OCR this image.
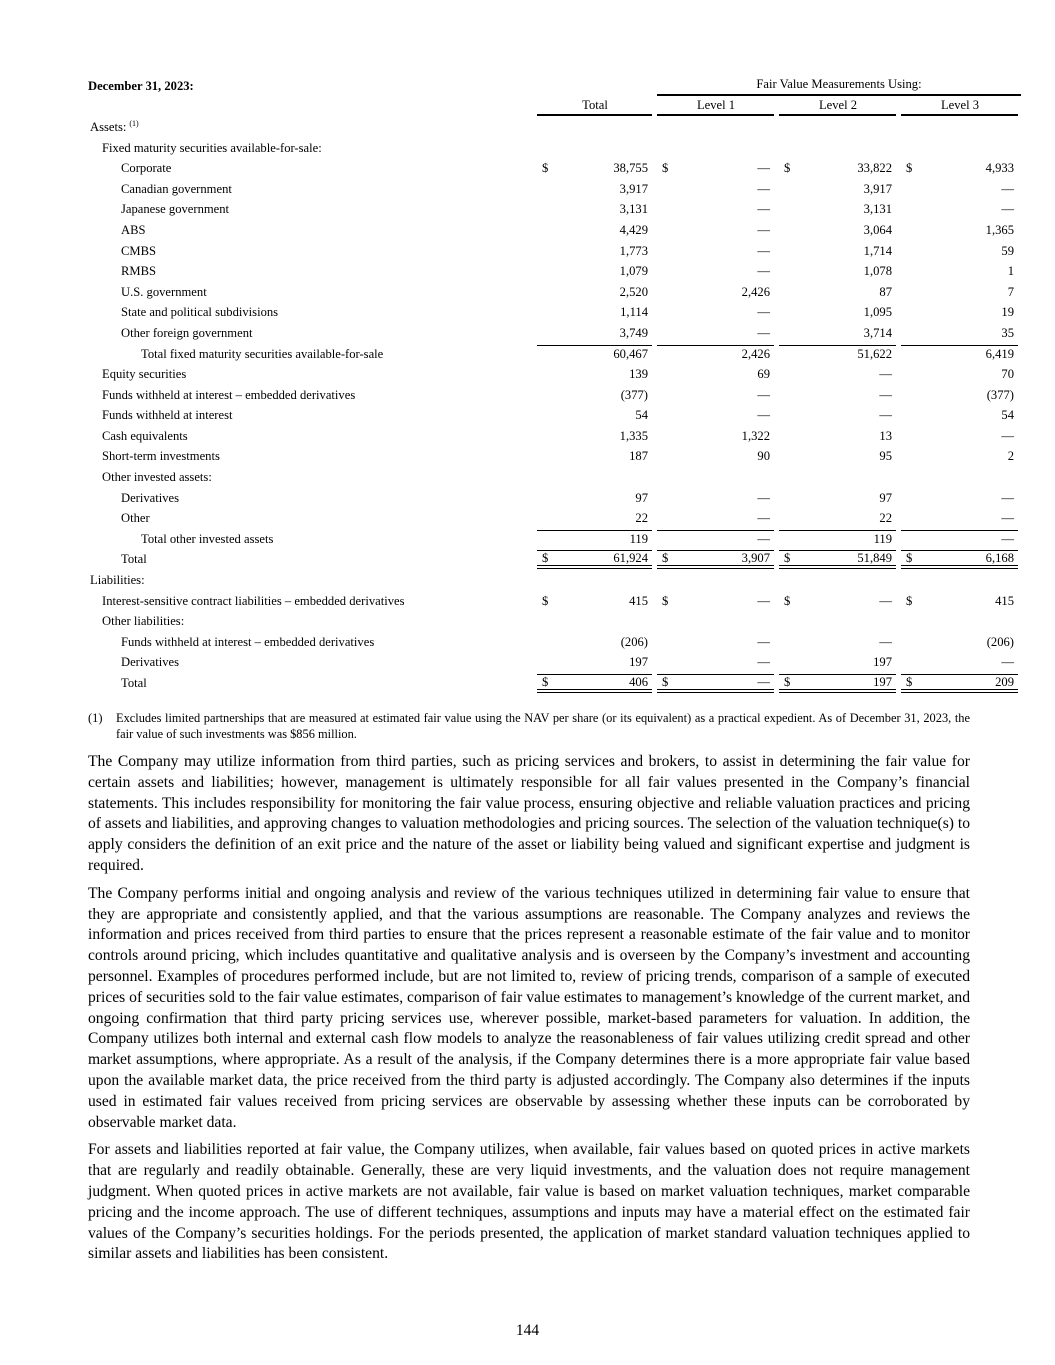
December 31, 2023:		Fair Value Measurements Using:		

Total	Level 1	Level 2	Level 3

Assets: $^{(1)}$				
Fixed maturity securities available-for-sale:				
Corporate	$ 38,755	$ —	$ 33,822	$ 4,933

Canadian government	3,917	—	3,917	—

Japanese government	3,131	—	3,131	—

ABS	4,429	—	3,064	1,365

CMBS	1,773	—	1,714	59

RMBS	1,079	—	1,078	1

U.S. government	2,520	2,426	87	7

State and political subdivisions	1,114	—	1,095	19

Other foreign government	3,749	—	3,714	35

Total fixed maturity securities available-for-sale	60,467	2,426	51,622	6,419

Equity securities	139	69	—	70

Funds withheld at interest – embedded derivatives	(377)	—	—	(377)

Funds withheld at interest	54	—	—	54

Cash equivalents	1,335	1,322	13	—

Short-term investments	187	90	95	2

Other invested assets:				
Derivatives	97	—	97	—

Other	22	—	22	—

Total other invested assets	119	—	119	—

Total	$ 61,924	$ 3,907	$ 51,849	$ 6,168

Liabilities:				
Interest-sensitive contract liabilities – embedded derivatives	$ 415	$ —	$ —	$ 415

Other liabilities:				
Funds withheld at interest – embedded derivatives	(206)	—	—	(206)

Derivatives	197	—	197	—

Total	$ 406	$ —	$ 197	$ 209
(1)	Excludes limited partnerships that are measured at estimated fair value using the NAV per share (or its equivalent) as a practical expedient. As of December 31, 2023, the fair value of such investments was $856 million.

The Company may utilize information from third parties, such as pricing services and brokers, to assist in determining the fair value for certain assets and liabilities; however, management is ultimately responsible for all fair values presented in the Company’s financial statements. This includes responsibility for monitoring the fair value process, ensuring objective and reliable valuation practices and pricing of assets and liabilities, and approving changes to valuation methodologies and pricing sources. The selection of the valuation technique(s) to apply considers the definition of an exit price and the nature of the asset or liability being valued and significant expertise and judgment is required.

The Company performs initial and ongoing analysis and review of the various techniques utilized in determining fair value to ensure that they are appropriate and consistently applied, and that the various assumptions are reasonable. The Company analyzes and reviews the information and prices received from third parties to ensure that the prices represent a reasonable estimate of the fair value and to monitor controls around pricing, which includes quantitative and qualitative analysis and is overseen by the Company’s investment and accounting personnel. Examples of procedures performed include, but are not limited to, review of pricing trends, comparison of a sample of executed prices of securities sold to the fair value estimates, comparison of fair value estimates to management’s knowledge of the current market, and ongoing confirmation that third party pricing services use, wherever possible, market-based parameters for valuation. In addition, the Company utilizes both internal and external cash flow models to analyze the reasonableness of fair values utilizing credit spread and other market assumptions, where appropriate. As a result of the analysis, if the Company determines there is a more appropriate fair value based upon the available market data, the price received from the third party is adjusted accordingly. The Company also determines if the inputs used in estimated fair values received from pricing services are observable by assessing whether these inputs can be corroborated by observable market data.

For assets and liabilities reported at fair value, the Company utilizes, when available, fair values based on quoted prices in active markets that are regularly and readily obtainable. Generally, these are very liquid investments, and the valuation does not require management judgment. When quoted prices in active markets are not available, fair value is based on market valuation techniques, market comparable pricing and the income approach. The use of different techniques, assumptions and inputs may have a material effect on the estimated fair values of the Company’s securities holdings. For the periods presented, the application of market standard valuation techniques applied to similar assets and liabilities has been consistent.

144
